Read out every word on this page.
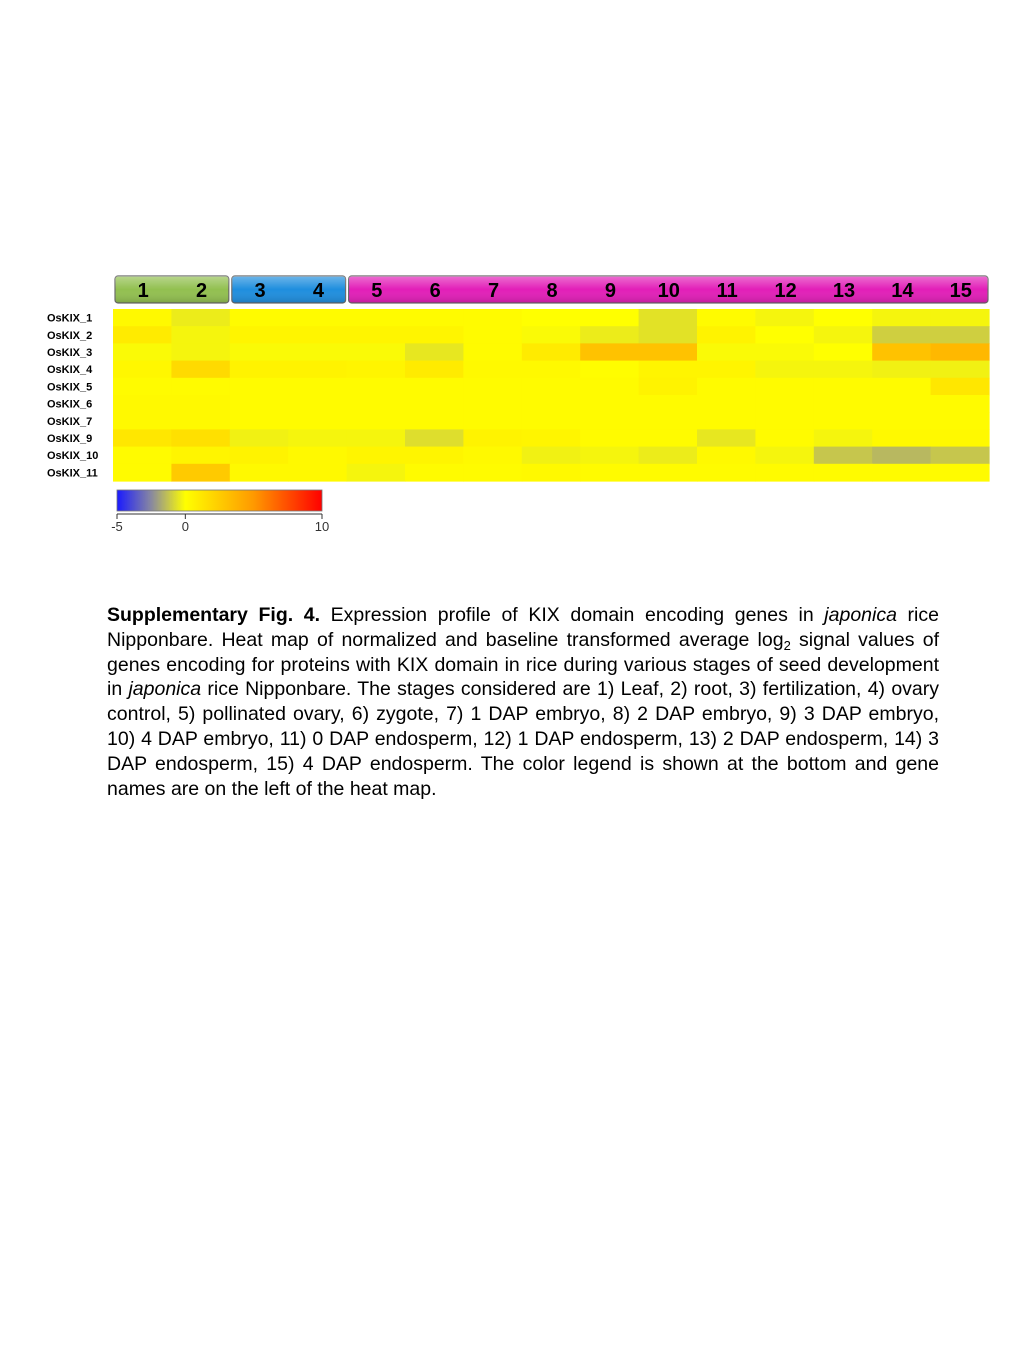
1 2 3 4 5 6 7 8 9 10 11 12 13 14 15
OsKIX_1
OsKIX_2
OsKIX_3
OsKIX_4
OsKIX_5
OsKIX_6
OsKIX_7
OsKIX_9
OsKIX_10
OsKIX_11
-5	0	10
Supplementary Fig. 4. Expression profile of KIX domain encoding genes in japonica rice Nipponbare. Heat map of normalized and baseline transformed average $\log_2$ signal values of genes encoding for proteins with KIX domain in rice during various stages of seed development in japonica rice Nipponbare. The stages considered are 1) Leaf, 2) root, 3) fertilization, 4) ovary control, 5) pollinated ovary, 6) zygote, 7) 1 DAP embryo, 8) 2 DAP embryo, 9) 3 DAP embryo, 10) 4 DAP embryo, 11) 0 DAP endosperm, 12) 1 DAP endosperm, 13) 2 DAP endosperm, 14) 3 DAP endosperm, 15) 4 DAP endosperm. The color legend is shown at the bottom and gene names are on the left of the heat map.
